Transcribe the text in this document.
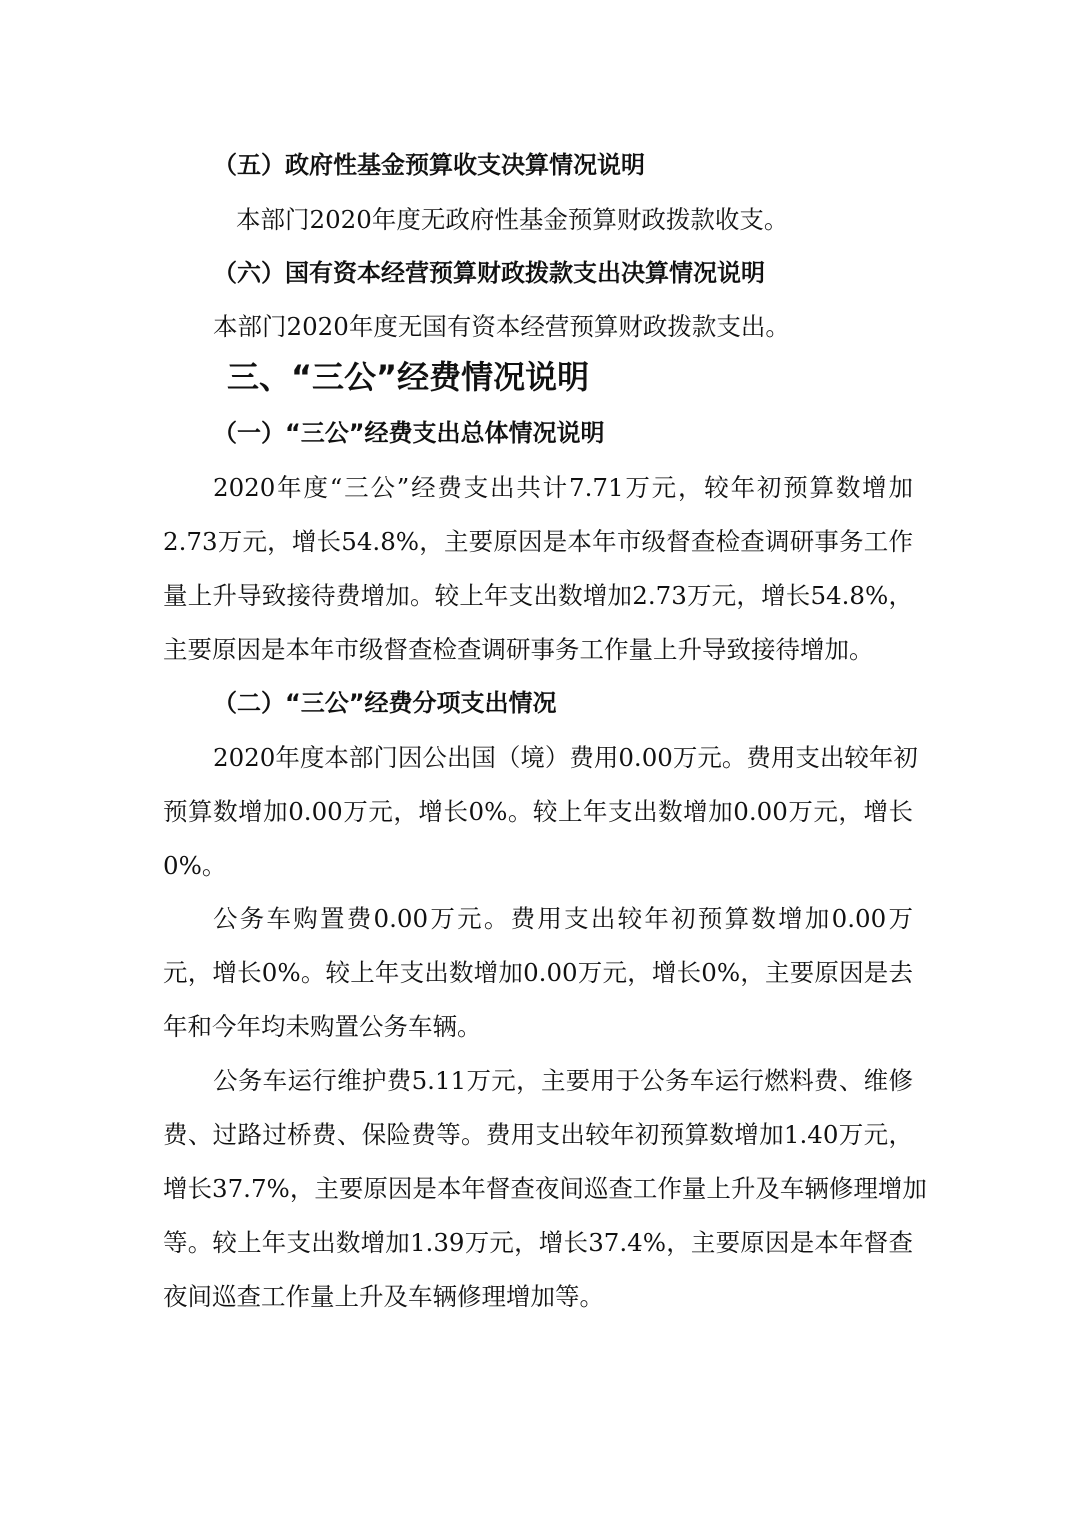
（五）政府性基金预算收支决算情况说明
本部门2020年度无政府性基金预算财政拨款收支。
（六）国有资本经营预算财政拨款支出决算情况说明
本部门2020年度无国有资本经营预算财政拨款支出。
三、“三公”经费情况说明
（一）“三公”经费支出总体情况说明
2020年度“三公”经费支出共计7.71万元，较年初预算数增加
2.73万元，增长54.8%，主要原因是本年市级督查检查调研事务工作
量上升导致接待费增加。较上年支出数增加2.73万元，增长54.8%，
主要原因是本年市级督查检查调研事务工作量上升导致接待增加。
（二）“三公”经费分项支出情况
2020年度本部门因公出国（境）费用0.00万元。费用支出较年初
预算数增加0.00万元，增长0%。较上年支出数增加0.00万元，增长
0%。
公务车购置费0.00万元。费用支出较年初预算数增加0.00万
元，增长0%。较上年支出数增加0.00万元，增长0%，主要原因是去
年和今年均未购置公务车辆。
公务车运行维护费5.11万元，主要用于公务车运行燃料费、维修
费、过路过桥费、保险费等。费用支出较年初预算数增加1.40万元，
增长37.7%，主要原因是本年督查夜间巡查工作量上升及车辆修理增加
等。较上年支出数增加1.39万元，增长37.4%，主要原因是本年督查
夜间巡查工作量上升及车辆修理增加等。
